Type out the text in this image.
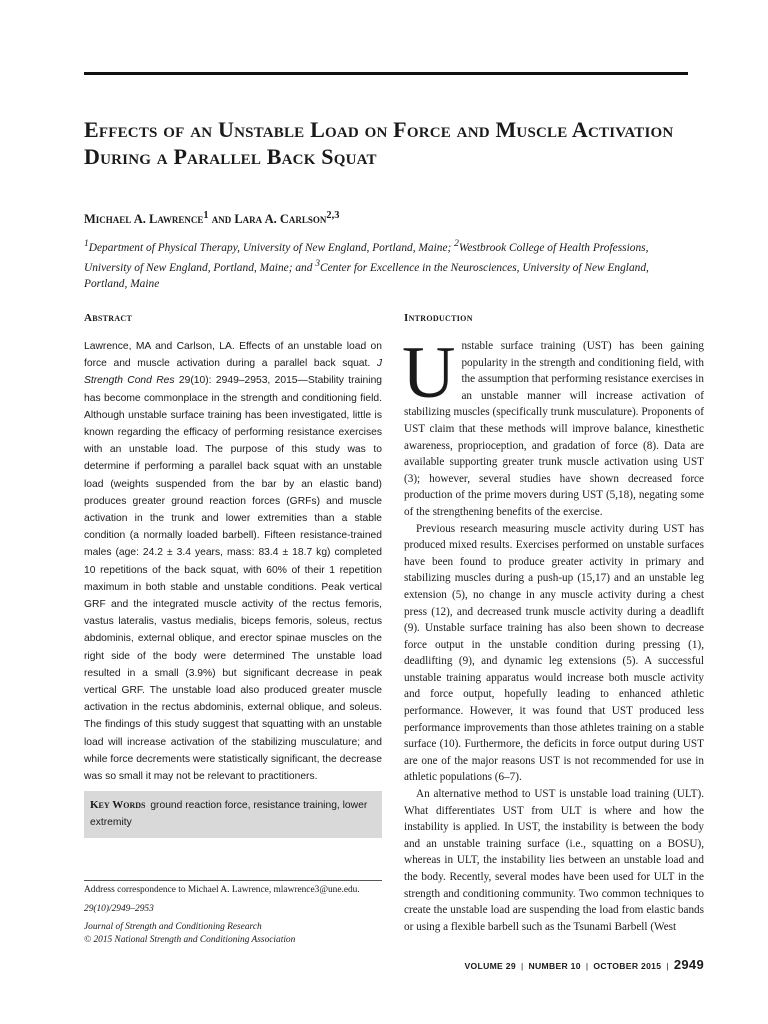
Effects of an Unstable Load on Force and Muscle Activation During a Parallel Back Squat
Michael A. Lawrence$^1$ and Lara A. Carlson$^{2,3}$
$^1$Department of Physical Therapy, University of New England, Portland, Maine; $^2$Westbrook College of Health Professions, University of New England, Portland, Maine; and $^3$Center for Excellence in the Neurosciences, University of New England, Portland, Maine
Abstract

Lawrence, MA and Carlson, LA. Effects of an unstable load on force and muscle activation during a parallel back squat. J Strength Cond Res 29(10): 2949–2953, 2015—Stability training has become commonplace in the strength and conditioning field. Although unstable surface training has been investigated, little is known regarding the efficacy of performing resistance exercises with an unstable load. The purpose of this study was to determine if performing a parallel back squat with an unstable load (weights suspended from the bar by an elastic band) produces greater ground reaction forces (GRFs) and muscle activation in the trunk and lower extremities than a stable condition (a normally loaded barbell). Fifteen resistance-trained males (age: 24.2 ± 3.4 years, mass: 83.4 ± 18.7 kg) completed 10 repetitions of the back squat, with 60% of their 1 repetition maximum in both stable and unstable conditions. Peak vertical GRF and the integrated muscle activity of the rectus femoris, vastus lateralis, vastus medialis, biceps femoris, soleus, rectus abdominis, external oblique, and erector spinae muscles on the right side of the body were determined The unstable load resulted in a small (3.9%) but significant decrease in peak vertical GRF. The unstable load also produced greater muscle activation in the rectus abdominis, external oblique, and soleus. The findings of this study suggest that squatting with an unstable load will increase activation of the stabilizing musculature; and while force decrements were statistically significant, the decrease was so small it may not be relevant to practitioners.

Key Words ground reaction force, resistance training, lower extremity

Address correspondence to Michael A. Lawrence, mlawrence3@une.edu.

29(10)/2949–2953

Journal of Strength and Conditioning Research

© 2015 National Strength and Conditioning Association

Introduction

Unstable surface training (UST) has been gaining popularity in the strength and conditioning field, with the assumption that performing resistance exercises in an unstable manner will increase activation of stabilizing muscles (specifically trunk musculature). Proponents of UST claim that these methods will improve balance, kinesthetic awareness, proprioception, and gradation of force (8). Data are available supporting greater trunk muscle activation using UST (3); however, several studies have shown decreased force production of the prime movers during UST (5,18), negating some of the strengthening benefits of the exercise.

Previous research measuring muscle activity during UST has produced mixed results. Exercises performed on unstable surfaces have been found to produce greater activity in primary and stabilizing muscles during a push-up (15,17) and an unstable leg extension (5), no change in any muscle activity during a chest press (12), and decreased trunk muscle activity during a deadlift (9). Unstable surface training has also been shown to decrease force output in the unstable condition during pressing (1), deadlifting (9), and dynamic leg extensions (5). A successful unstable training apparatus would increase both muscle activity and force output, hopefully leading to enhanced athletic performance. However, it was found that UST produced less performance improvements than those athletes training on a stable surface (10). Furthermore, the deficits in force output during UST are one of the major reasons UST is not recommended for use in athletic populations (6–7).

An alternative method to UST is unstable load training (ULT). What differentiates UST from ULT is where and how the instability is applied. In UST, the instability is between the body and an unstable training surface (i.e., squatting on a BOSU), whereas in ULT, the instability lies between an unstable load and the body. Recently, several modes have been used for ULT in the strength and conditioning community. Two common techniques to create the unstable load are suspending the load from elastic bands or using a flexible barbell such as the Tsunami Barbell (West

VOLUME 29 | NUMBER 10 | OCTOBER 2015 | 2949
